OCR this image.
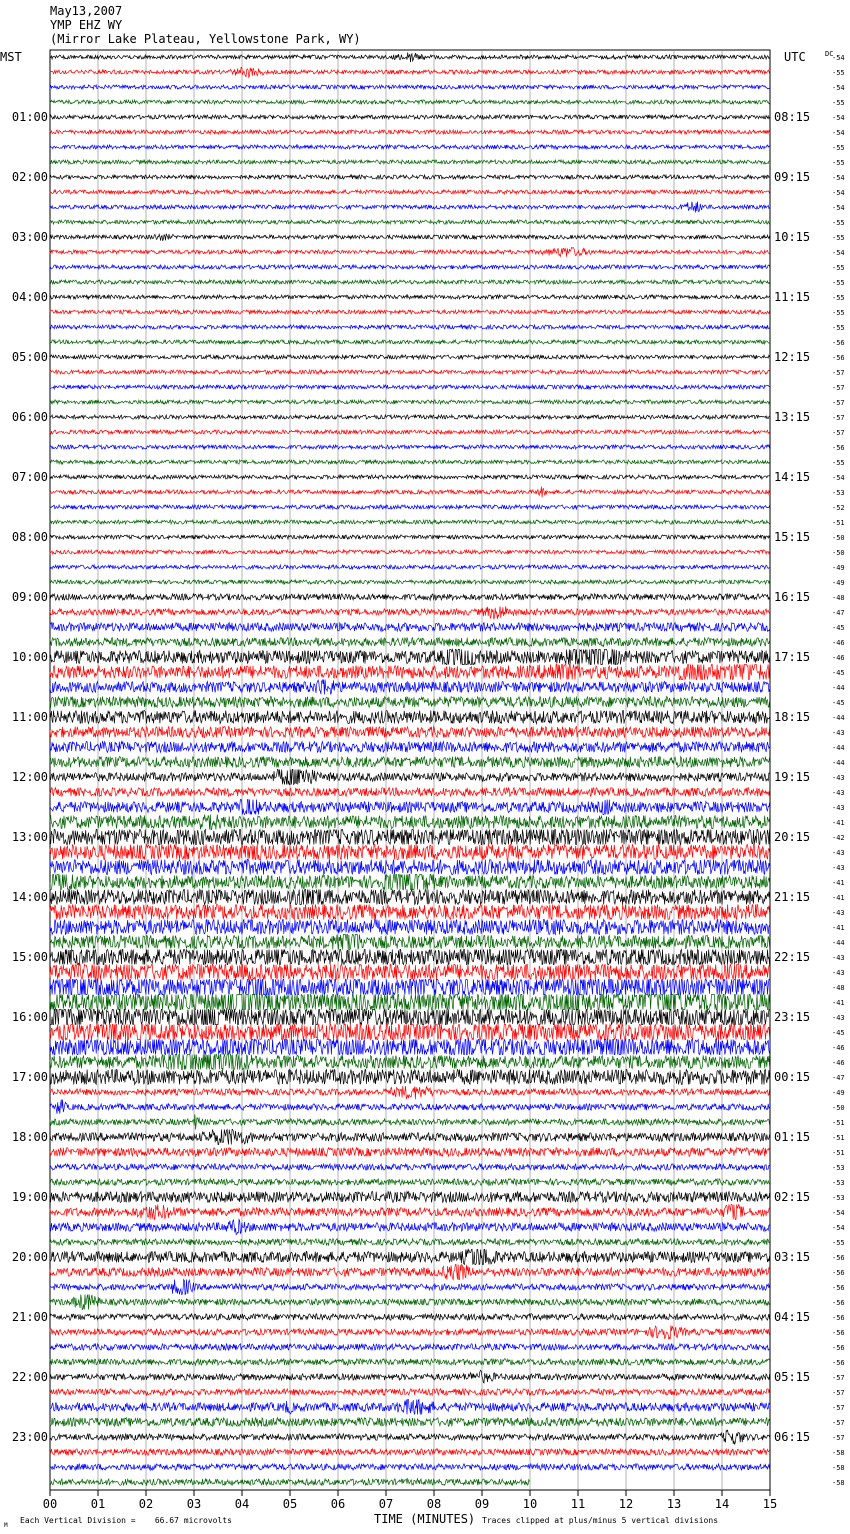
May13,2007
YMP EHZ WY
(Mirror Lake Plateau, Yellowstone Park, WY)
MST	UTC	DC
01:00
02:00
03:00
04:00
05:00
06:00
07:00
08:00
09:00
10:00
11:00
12:00
13:00
14:00
15:00
16:00
17:00
18:00
19:00
20:00
21:00
22:00
23:00
08:15
09:15
10:15
11:15
12:15
13:15
14:15
15:15
16:15
17:15
18:15
19:15
20:15
21:15
22:15
23:15
00:15
01:15
02:15
03:15
04:15
05:15
06:15
-54
-55
-54
-55
-54
-54
-55
-55
-54
-54
-54
-55
-55
-54
-55
-55
-55
-55
-55
-56
-56
-57
-57
-57
-57
-57
-56
-55
-54
-53
-52
-51
-50
-50
-49
-49
-48
-47
-45
-46
-46
-45
-44
-45
-44
-43
-44
-44
-43
-43
-43
-41
-42
-43
-43
-41
-41
-43
-41
-44
-43
-43
-48
-41
-43
-45
-46
-46
-47
-49
-50
-51
-51
-51
-53
-53
-53
-54
-54
-55
-56
-56
-56
-56
-56
-56
-56
-56
-57
-57
-57
-57
-57
-58
-58
-58
00	01	02	03	04	05	06	07	08	09	10	11	12	13	14	15
TIME (MINUTES)
M
Each Vertical Division =    66.67 microvolts	Traces clipped at plus/minus 5 vertical divisions
